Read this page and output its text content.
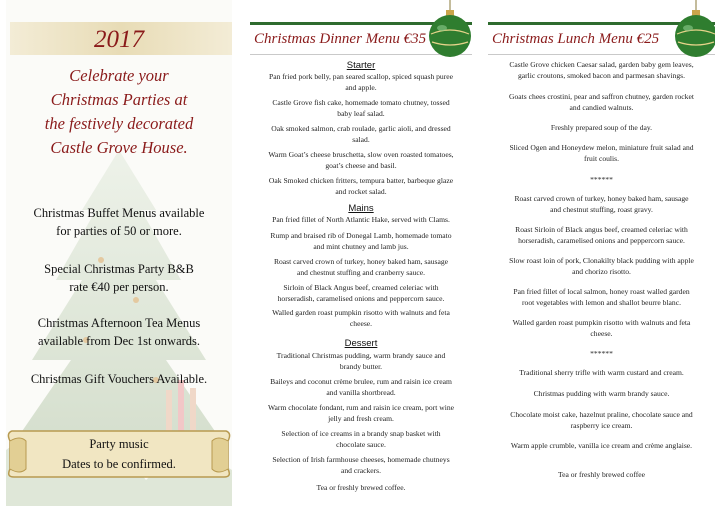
2017
Celebrate your
Christmas Parties at
the festively decorated
Castle Grove House.
Christmas Buffet Menus available
for parties of 50 or more.
Special Christmas Party B&B
rate €40 per person.
Christmas Afternoon Tea Menus
available from Dec 1st onwards.
Christmas Gift Vouchers Available.
Party music
Dates to be confirmed.
Christmas Dinner Menu €35
Starter
Pan fried pork belly, pan seared scallop, spiced squash puree
and apple.
Castle Grove fish cake, homemade tomato chutney, tossed
baby leaf salad.
Oak smoked salmon, crab roulade, garlic aioli, and dressed
salad.
Warm Goat’s cheese bruschetta, slow oven roasted tomatoes,
goat’s cheese and basil.
Oak Smoked chicken fritters, tempura batter, barbeque glaze
and rocket salad.
Mains
Pan fried fillet of North Atlantic Hake, served with Clams.
Rump and braised rib of Donegal Lamb, homemade tomato
and mint chutney and lamb jus.
Roast carved crown of turkey, honey baked ham, sausage
and chestnut stuffing and cranberry sauce.
Sirloin of Black Angus beef, creamed celeriac with
horseradish, caramelised onions and peppercorn sauce.
Walled garden roast pumpkin risotto with walnuts and feta
cheese.
Dessert
Traditional Christmas pudding, warm brandy sauce and
brandy butter.
Baileys and coconut crème brulee, rum and raisin ice cream
and vanilla shortbread.
Warm chocolate fondant, rum and raisin ice cream, port wine
jelly and fresh cream.
Selection of ice creams in a brandy snap basket with
chocolate sauce.
Selection of Irish farmhouse cheeses, homemade chutneys
and crackers.
Tea or freshly brewed coffee.
Christmas Lunch Menu €25
Castle Grove chicken Caesar salad, garden baby gem leaves,
garlic croutons, smoked bacon and parmesan shavings.
Goats chees crostini, pear and saffron chutney, garden rocket
and candied walnuts.
Freshly prepared soup of the day.
Sliced Ogen and Honeydew melon, miniature fruit salad and
fruit coulis.
******
Roast carved crown of turkey, honey baked ham, sausage
and chestnut stuffing, roast gravy.
Roast Sirloin of Black angus beef, creamed celeriac with
horseradish, caramelised onions and peppercorn sauce.
Slow roast loin of pork, Clonakilty black pudding with apple
and chorizo risotto.
Pan fried fillet of local salmon, honey roast walled garden
root vegetables with lemon and shallot beurre blanc.
Walled garden roast pumpkin risotto with walnuts and feta
cheese.
******
Traditional sherry trifle with warm custard and cream.
Christmas pudding with warm brandy sauce.
Chocolate moist cake, hazelnut praline, chocolate sauce and
raspberry ice cream.
Warm apple crumble, vanilla ice cream and crème anglaise.
Tea or freshly brewed coffee
